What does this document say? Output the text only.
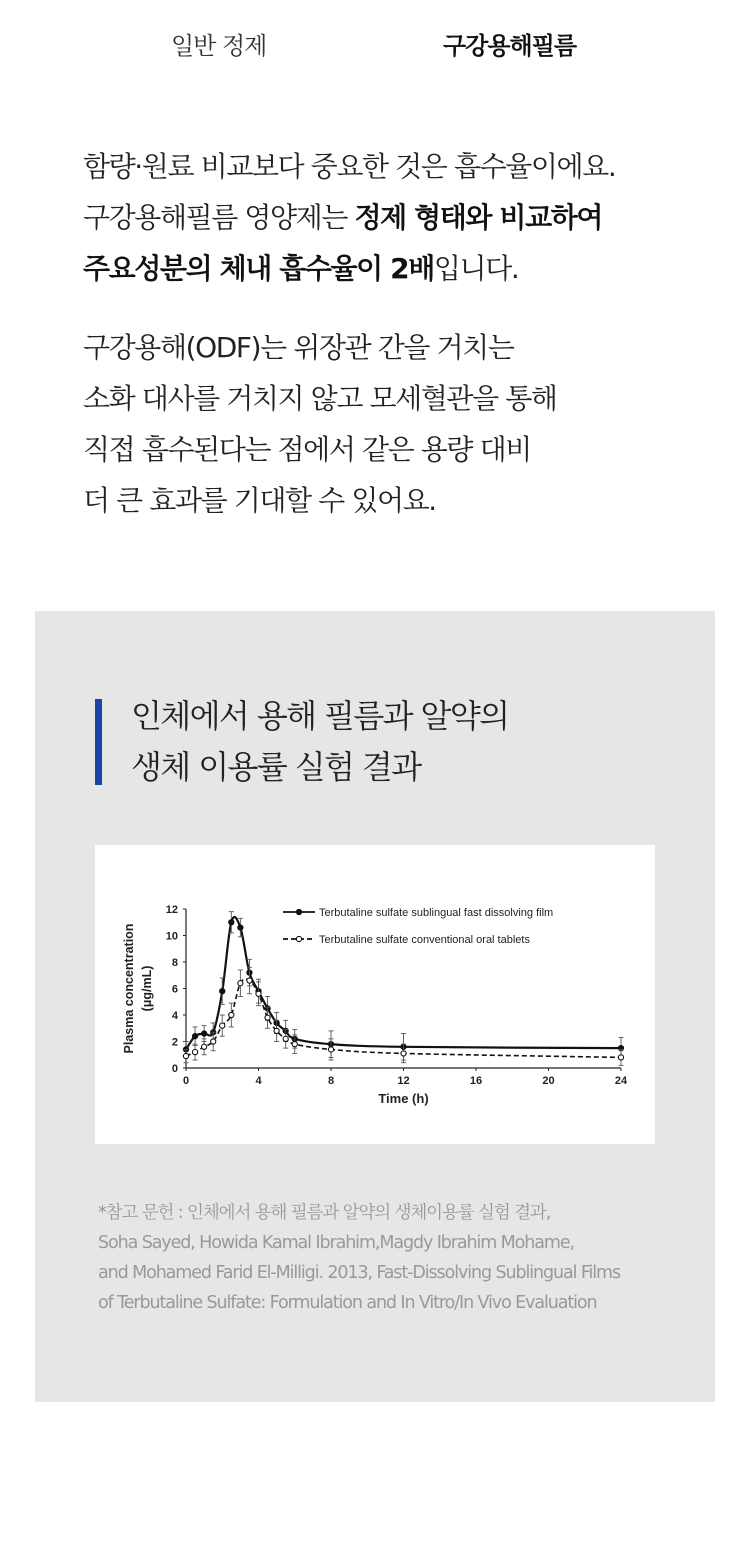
일반 정제	구강용해필름

함량·원료 비교보다 중요한 것은 흡수율이에요.
구강용해필름 영양제는 정제 형태와 비교하여
주요성분의 체내 흡수율이 2배입니다.

구강용해(ODF)는 위장관 간을 거치는
소화 대사를 거치지 않고 모세혈관을 통해
직접 흡수된다는 점에서 같은 용량 대비
더 큰 효과를 기대할 수 있어요.

인체에서 용해 필름과 알약의
생체 이용률 실험 결과
0	4	8	12	16	20	24
0
2
4
6
8
10
12
Time (h)
Plasma concentration (μg/mL)
Terbutaline sulfate sublingual fast dissolving film
Terbutaline sulfate conventional oral tablets

*참고 문헌 : 인체에서 용해 필름과 알약의 생체이용률 실험 결과,
Soha Sayed, Howida Kamal Ibrahim,Magdy Ibrahim Mohame,
and Mohamed Farid El-Milligi. 2013, Fast-Dissolving Sublingual Films
of Terbutaline Sulfate: Formulation and In Vitro/In Vivo Evaluation
